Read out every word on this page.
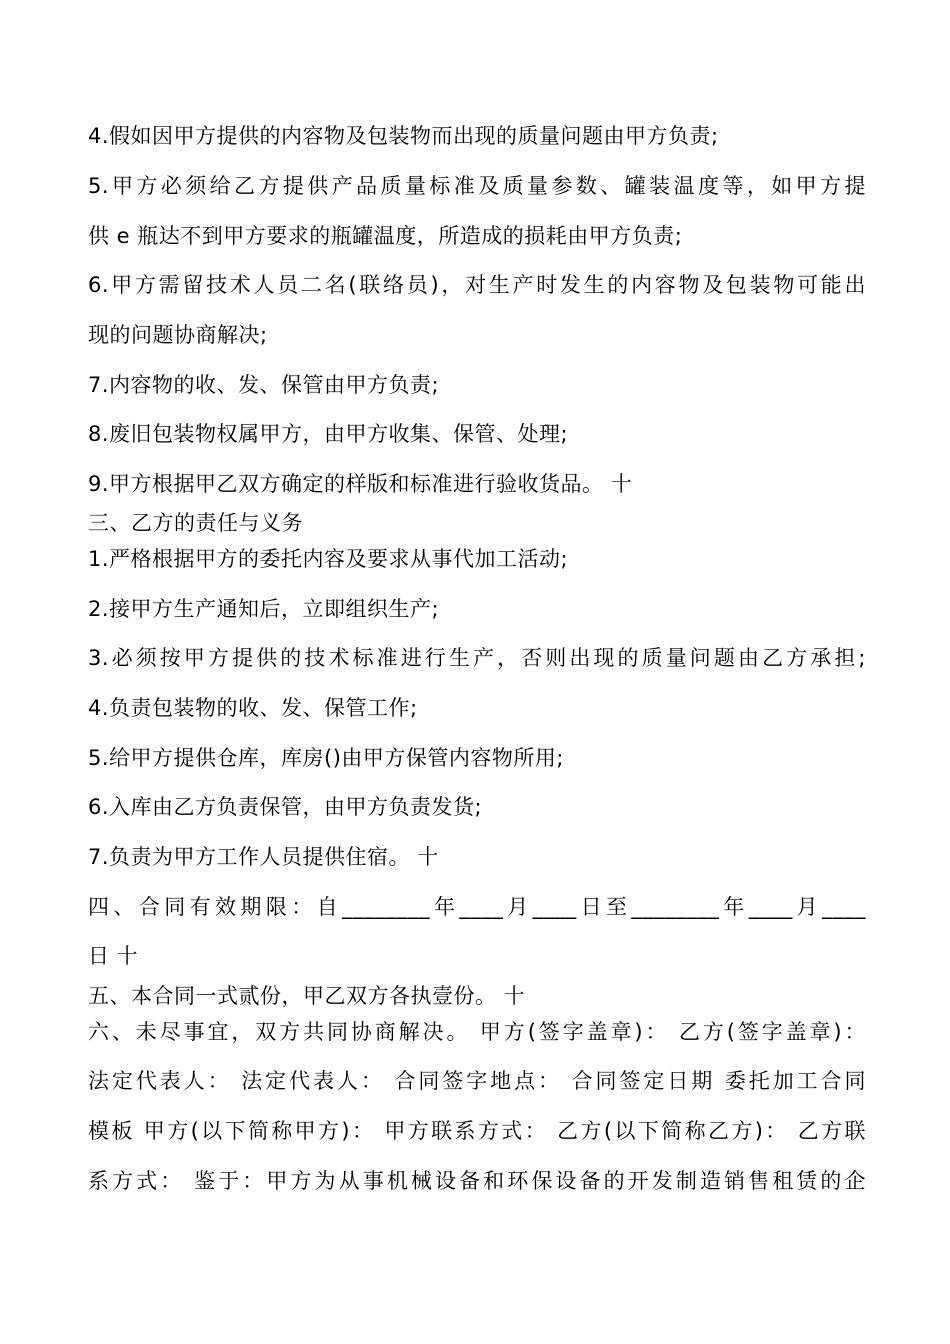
4.假如因甲方提供的内容物及包装物而出现的质量问题由甲方负责;
5.甲方必须给乙方提供产品质量标准及质量参数、罐装温度等，如甲方提
供 e 瓶达不到甲方要求的瓶罐温度，所造成的损耗由甲方负责;
6.甲方需留技术人员二名(联络员)，对生产时发生的内容物及包装物可能出
现的问题协商解决;
7.内容物的收、发、保管由甲方负责;
8.废旧包装物权属甲方，由甲方收集、保管、处理;
9.甲方根据甲乙双方确定的样版和标准进行验收货品。 十
三、乙方的责任与义务
1.严格根据甲方的委托内容及要求从事代加工活动;
2.接甲方生产通知后，立即组织生产;
3.必须按甲方提供的技术标准进行生产，否则出现的质量问题由乙方承担;
4.负责包装物的收、发、保管工作;
5.给甲方提供仓库，库房()由甲方保管内容物所用;
6.入库由乙方负责保管，由甲方负责发货;
7.负责为甲方工作人员提供住宿。 十
四、合同有效期限：自________年____月____日至________年____月____
日 十
五、本合同一式贰份，甲乙双方各执壹份。 十
六、未尽事宜，双方共同协商解决。 甲方(签字盖章)： 乙方(签字盖章)：
法定代表人： 法定代表人： 合同签字地点： 合同签定日期 委托加工合同
模板 甲方(以下简称甲方)： 甲方联系方式： 乙方(以下简称乙方)： 乙方联
系方式： 鉴于：甲方为从事机械设备和环保设备的开发制造销售租赁的企
